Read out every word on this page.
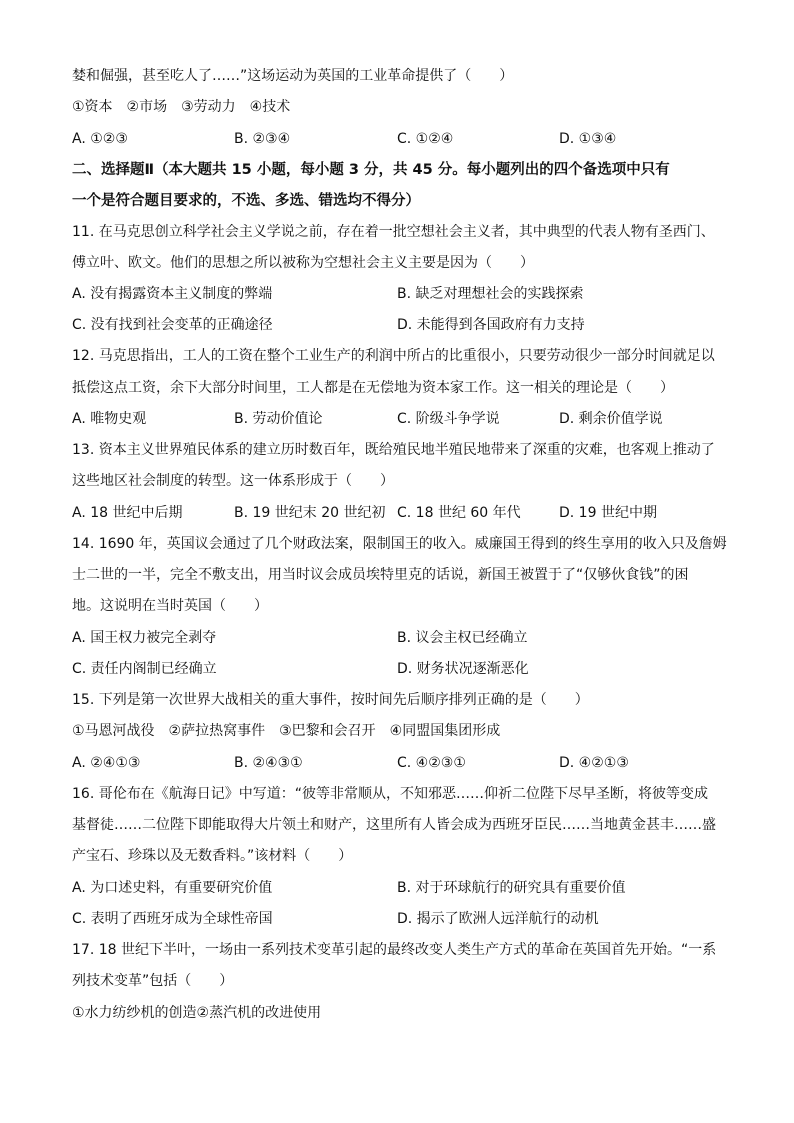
婪和倔强，甚至吃人了……”这场运动为英国的工业革命提供了（　　）
①资本　②市场　③劳动力　④技术
A. ①②③	B. ②③④	C. ①②④	D. ①③④
二、选择题Ⅱ（本大题共 15 小题，每小题 3 分，共 45 分。每小题列出的四个备选项中只有
一个是符合题目要求的，不选、多选、错选均不得分）
11. 在马克思创立科学社会主义学说之前，存在着一批空想社会主义者，其中典型的代表人物有圣西门、
傅立叶、欧文。他们的思想之所以被称为空想社会主义主要是因为（　　）
A. 没有揭露资本主义制度的弊端	B. 缺乏对理想社会的实践探索
C. 没有找到社会变革的正确途径	D. 未能得到各国政府有力支持
12. 马克思指出，工人的工资在整个工业生产的利润中所占的比重很小，只要劳动很少一部分时间就足以
抵偿这点工资，余下大部分时间里，工人都是在无偿地为资本家工作。这一相关的理论是（　　）
A. 唯物史观	B. 劳动价值论	C. 阶级斗争学说	D. 剩余价值学说
13. 资本主义世界殖民体系的建立历时数百年，既给殖民地半殖民地带来了深重的灾难，也客观上推动了
这些地区社会制度的转型。这一体系形成于（　　）
A. 18 世纪中后期	B. 19 世纪末 20 世纪初 C. 18 世纪 60 年代	D. 19 世纪中期
14. 1690 年，英国议会通过了几个财政法案，限制国王的收入。威廉国王得到的终生享用的收入只及詹姆
士二世的一半，完全不敷支出，用当时议会成员埃特里克的话说，新国王被置于了“仅够伙食钱”的困
地。这说明在当时英国（　　）
A. 国王权力被完全剥夺	B. 议会主权已经确立
C. 责任内阁制已经确立	D. 财务状况逐渐恶化
15. 下列是第一次世界大战相关的重大事件，按时间先后顺序排列正确的是（　　）
①马恩河战役　②萨拉热窝事件　③巴黎和会召开　④同盟国集团形成
A. ②④①③	B. ②④③①	C. ④②③①	D. ④②①③
16. 哥伦布在《航海日记》中写道：“彼等非常顺从，不知邪恶……仰祈二位陛下尽早圣断，将彼等变成
基督徒……二位陛下即能取得大片领土和财产，这里所有人皆会成为西班牙臣民……当地黄金甚丰……盛
产宝石、珍珠以及无数香料。”该材料（　　）
A. 为口述史料，有重要研究价值	B. 对于环球航行的研究具有重要价值
C. 表明了西班牙成为全球性帝国	D. 揭示了欧洲人远洋航行的动机
17. 18 世纪下半叶，一场由一系列技术变革引起的最终改变人类生产方式的革命在英国首先开始。“一系
列技术变革”包括（　　）
①水力纺纱机的创造②蒸汽机的改进使用
